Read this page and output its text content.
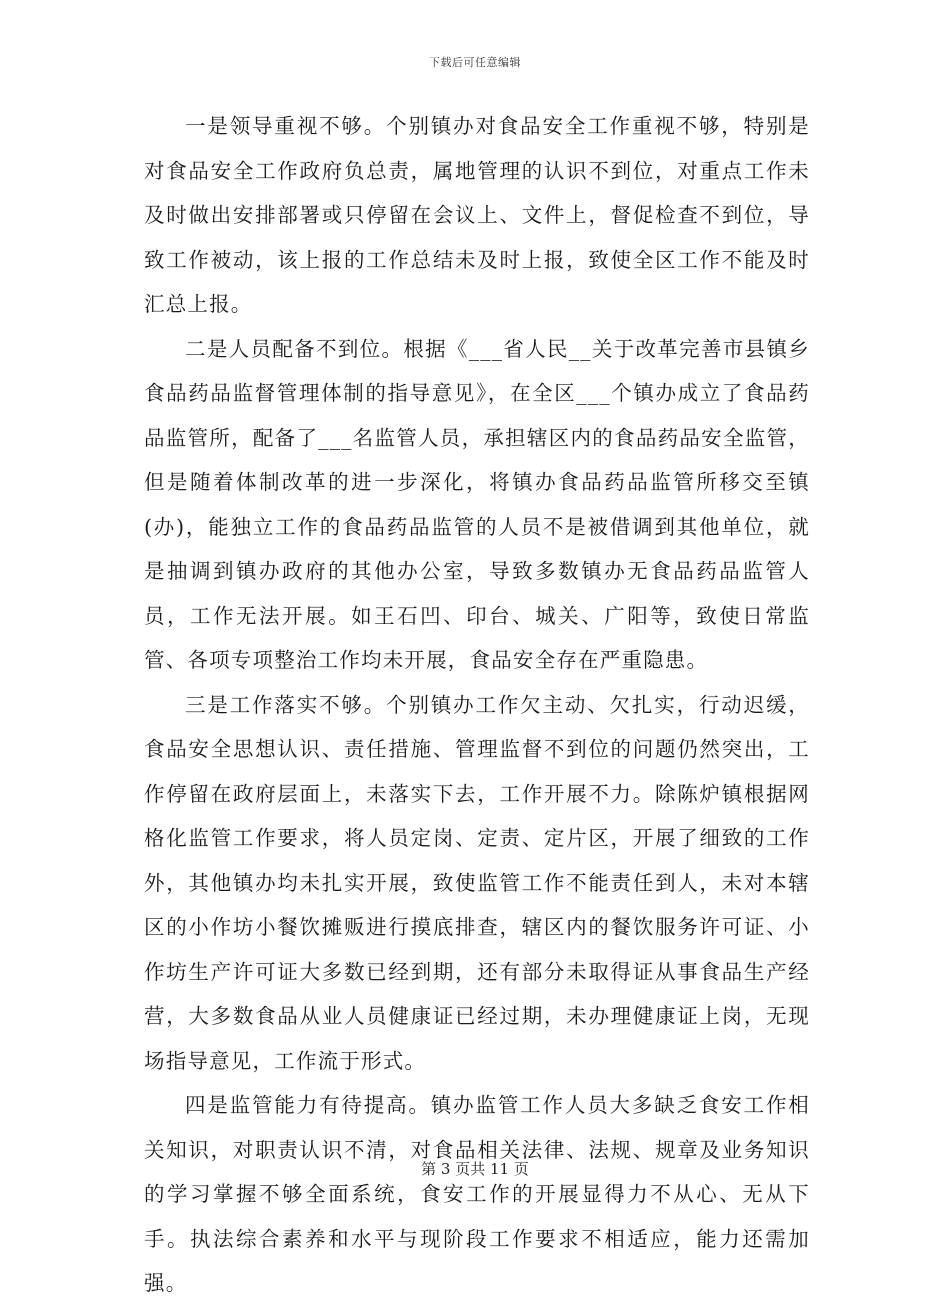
下载后可任意编辑

一是领导重视不够。个别镇办对食品安全工作重视不够，特别是对食品安全工作政府负总责，属地管理的认识不到位，对重点工作未及时做出安排部署或只停留在会议上、文件上，督促检查不到位，导致工作被动，该上报的工作总结未及时上报，致使全区工作不能及时汇总上报。

二是人员配备不到位。根据《___省人民__关于改革完善市县镇乡食品药品监督管理体制的指导意见》，在全区___个镇办成立了食品药品监管所，配备了___名监管人员，承担辖区内的食品药品安全监管，但是随着体制改革的进一步深化，将镇办食品药品监管所移交至镇(办)，能独立工作的食品药品监管的人员不是被借调到其他单位，就是抽调到镇办政府的其他办公室，导致多数镇办无食品药品监管人员，工作无法开展。如王石凹、印台、城关、广阳等，致使日常监管、各项专项整治工作均未开展，食品安全存在严重隐患。

三是工作落实不够。个别镇办工作欠主动、欠扎实，行动迟缓，食品安全思想认识、责任措施、管理监督不到位的问题仍然突出，工作停留在政府层面上，未落实下去，工作开展不力。除陈炉镇根据网格化监管工作要求，将人员定岗、定责、定片区，开展了细致的工作外，其他镇办均未扎实开展，致使监管工作不能责任到人，未对本辖区的小作坊小餐饮摊贩进行摸底排查，辖区内的餐饮服务许可证、小作坊生产许可证大多数已经到期，还有部分未取得证从事食品生产经营，大多数食品从业人员健康证已经过期，未办理健康证上岗，无现场指导意见，工作流于形式。

四是监管能力有待提高。镇办监管工作人员大多缺乏食安工作相关知识，对职责认识不清，对食品相关法律、法规、规章及业务知识的学习掌握不够全面系统，食安工作的开展显得力不从心、无从下手。执法综合素养和水平与现阶段工作要求不相适应，能力还需加强。

第 3 页共 11 页
